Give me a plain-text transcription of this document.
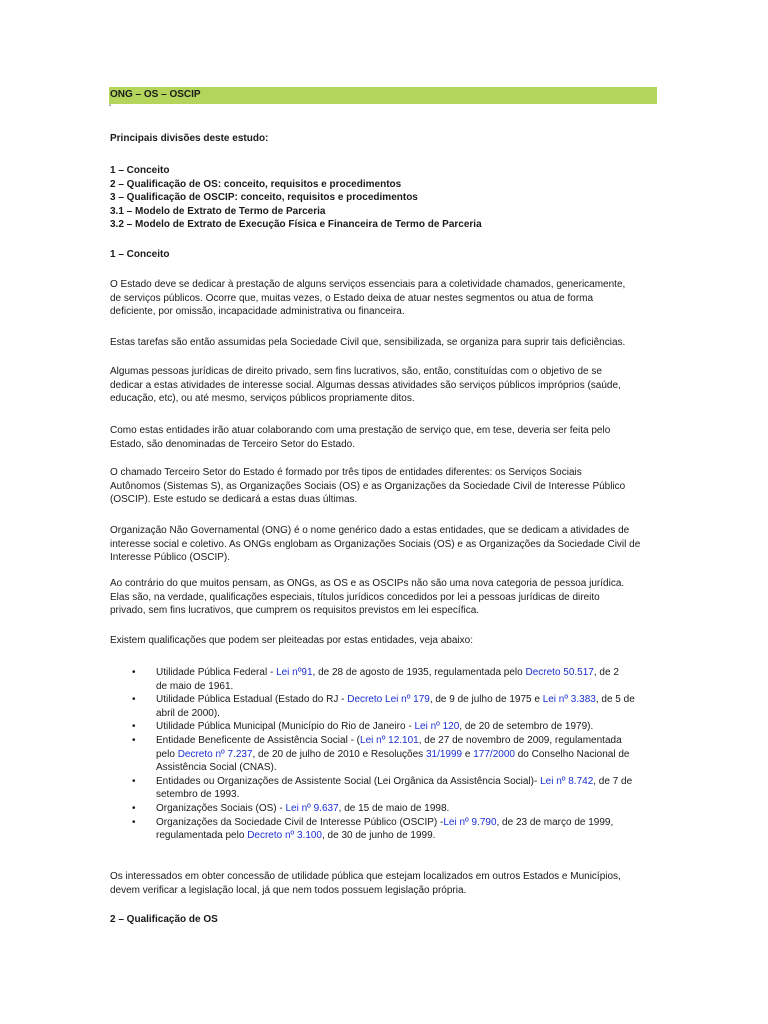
ONG – OS – OSCIP
"
Principais divisões deste estudo:
1 – Conceito
2 – Qualificação de OS: conceito, requisitos e procedimentos
3 – Qualificação de OSCIP: conceito, requisitos e procedimentos
3.1 – Modelo de Extrato de Termo de Parceria
3.2 – Modelo de Extrato de Execução Física e Financeira de Termo de Parceria
1 – Conceito
O Estado deve se dedicar à prestação de alguns serviços essenciais para a coletividade chamados, genericamente,
de serviços públicos. Ocorre que, muitas vezes, o Estado deixa de atuar nestes segmentos ou atua de forma
deficiente, por omissão, incapacidade administrativa ou financeira.
Estas tarefas são então assumidas pela Sociedade Civil que, sensibilizada, se organiza para suprir tais deficiências.
Algumas pessoas jurídicas de direito privado, sem fins lucrativos, são, então, constituídas com o objetivo de se
dedicar a estas atividades de interesse social. Algumas dessas atividades são serviços públicos impróprios (saúde,
educação, etc), ou até mesmo, serviços públicos propriamente ditos.
Como estas entidades irão atuar colaborando com uma prestação de serviço que, em tese, deveria ser feita pelo
Estado, são denominadas de Terceiro Setor do Estado.
O chamado Terceiro Setor do Estado é formado por três tipos de entidades diferentes: os Serviços Sociais
Autônomos (Sistemas S), as Organizações Sociais (OS) e as Organizações da Sociedade Civil de Interesse Público
(OSCIP). Este estudo se dedicará a estas duas últimas.
Organização Não Governamental (ONG) é o nome genérico dado a estas entidades, que se dedicam a atividades de
interesse social e coletivo. As ONGs englobam as Organizações Sociais (OS) e as Organizações da Sociedade Civil de
Interesse Público (OSCIP).
Ao contrário do que muitos pensam, as ONGs, as OS e as OSCIPs não são uma nova categoria de pessoa jurídica.
Elas são, na verdade, qualificações especiais, títulos jurídicos concedidos por lei a pessoas jurídicas de direito
privado, sem fins lucrativos, que cumprem os requisitos previstos em lei específica.
Existem qualificações que podem ser pleiteadas por estas entidades, veja abaixo:
• Utilidade Pública Federal - Lei nº91, de 28 de agosto de 1935, regulamentada pelo Decreto 50.517, de 2
de maio de 1961.
• Utilidade Pública Estadual (Estado do RJ - Decreto Lei nº 179, de 9 de julho de 1975 e Lei nº 3.383, de 5 de
abril de 2000).
• Utilidade Pública Municipal (Município do Rio de Janeiro - Lei nº 120, de 20 de setembro de 1979).
• Entidade Beneficente de Assistência Social - (Lei nº 12.101, de 27 de novembro de 2009, regulamentada
pelo Decreto nº 7.237, de 20 de julho de 2010 e Resoluções 31/1999 e 177/2000 do Conselho Nacional de
Assistência Social (CNAS).
• Entidades ou Organizações de Assistente Social (Lei Orgânica da Assistência Social)- Lei nº 8.742, de 7 de
setembro de 1993.
• Organizações Sociais (OS) - Lei nº 9.637, de 15 de maio de 1998.
• Organizações da Sociedade Civil de Interesse Público (OSCIP) -Lei nº 9.790, de 23 de março de 1999,
regulamentada pelo Decreto nº 3.100, de 30 de junho de 1999.
Os interessados em obter concessão de utilidade pública que estejam localizados em outros Estados e Municípios,
devem verificar a legislação local, já que nem todos possuem legislação própria.
2 – Qualificação de OS
